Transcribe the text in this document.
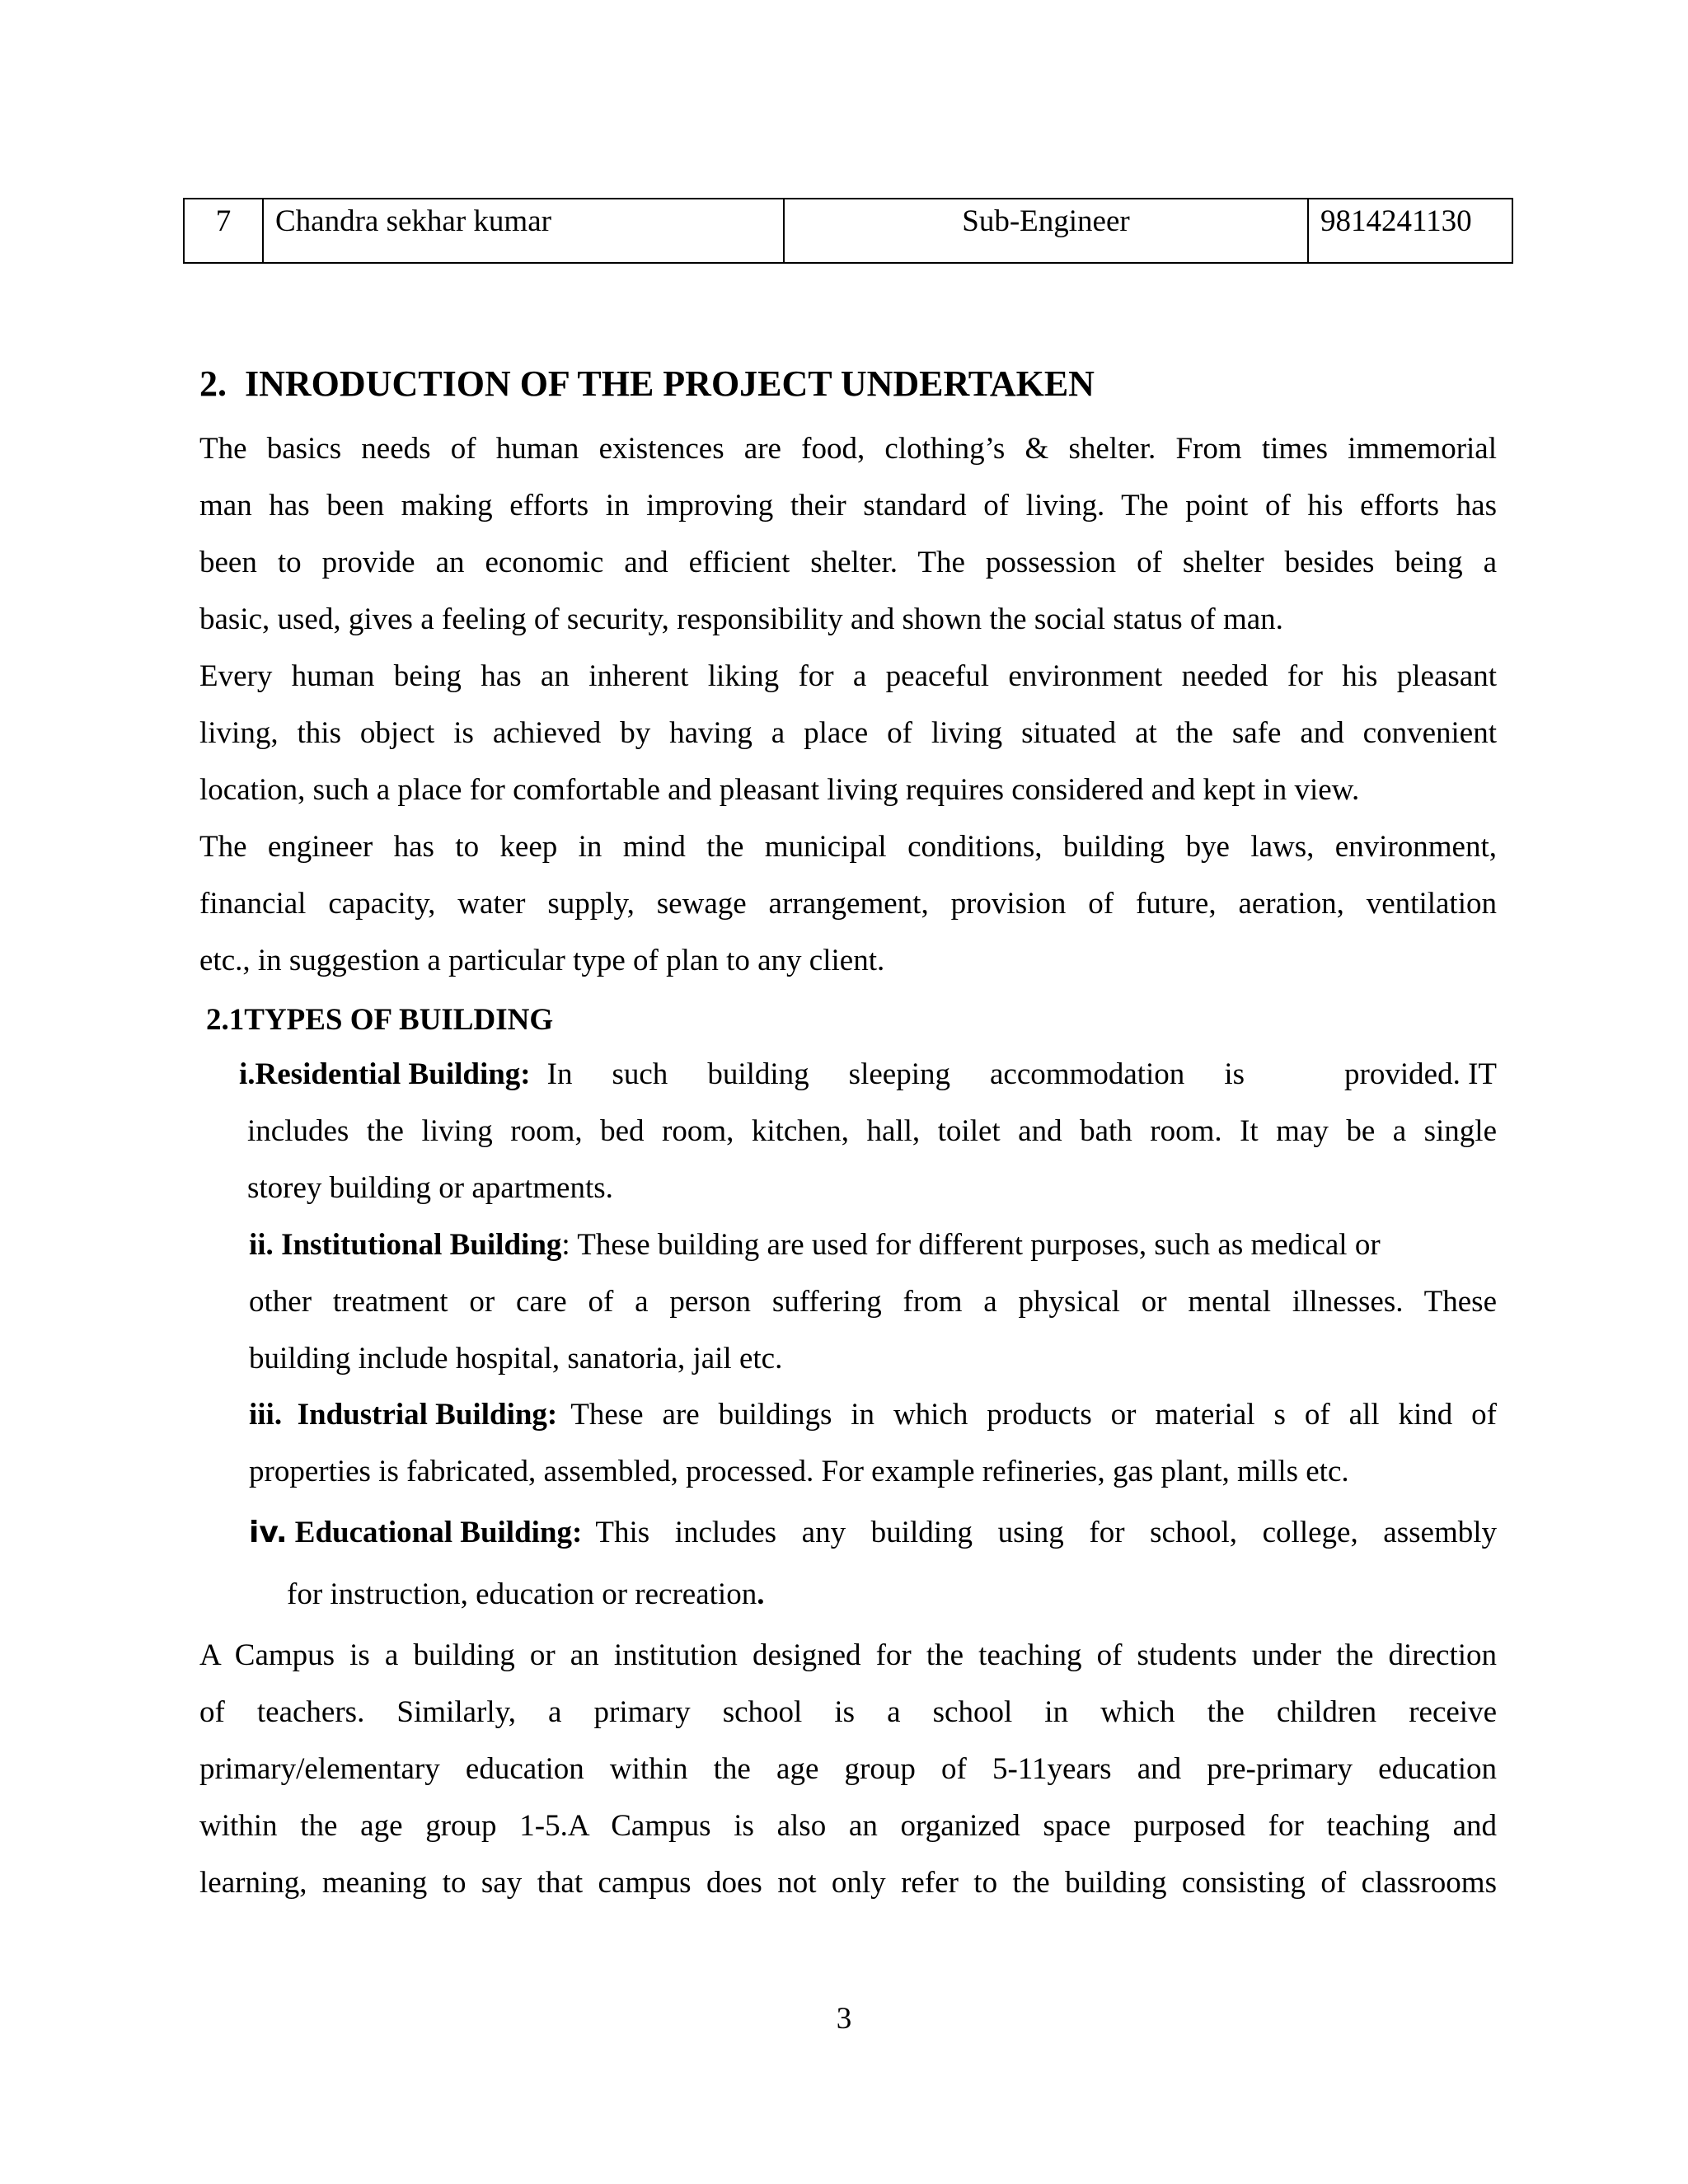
7	Chandra sekhar kumar	Sub-Engineer	9814241130
2. INRODUCTION OF THE PROJECT UNDERTAKEN
The basics needs of human existences are food, clothing’s & shelter. From times immemorial
man has been making efforts in improving their standard of living. The point of his efforts has
been to provide an economic and efficient shelter. The possession of shelter besides being a
basic, used, gives a feeling of security, responsibility and shown the social status of man.
Every human being has an inherent liking for a peaceful environment needed for his pleasant
living, this object is achieved by having a place of living situated at the safe and convenient
location, such a place for comfortable and pleasant living requires considered and kept in view.
The engineer has to keep in mind the municipal conditions, building bye laws, environment,
financial capacity, water supply, sewage arrangement, provision of future, aeration, ventilation
etc., in suggestion a particular type of plan to any client.
2.1TYPES OF BUILDING
i. Residential Building: In such building sleeping accommodation is	provided. IT
includes the living room, bed room, kitchen, hall, toilet and bath room. It may be a single
storey building or apartments.
ii. Institutional Building: These building are used for different purposes, such as medical or
other treatment or care of a person suffering from a physical or mental illnesses. These
building include hospital, sanatoria, jail etc.
iii. Industrial Building: These are buildings in which products or material s of all kind of
properties is fabricated, assembled, processed. For example refineries, gas plant, mills etc.
iv. Educational Building: This includes any building using for school, college, assembly
for instruction, education or recreation.
A Campus is a building or an institution designed for the teaching of students under the direction
of teachers. Similarly, a primary school is a school in which the children receive
primary/elementary education within the age group of 5-11years and pre-primary education
within the age group 1-5.A Campus is also an organized space purposed for teaching and
learning, meaning to say that campus does not only refer to the building consisting of classrooms
3
